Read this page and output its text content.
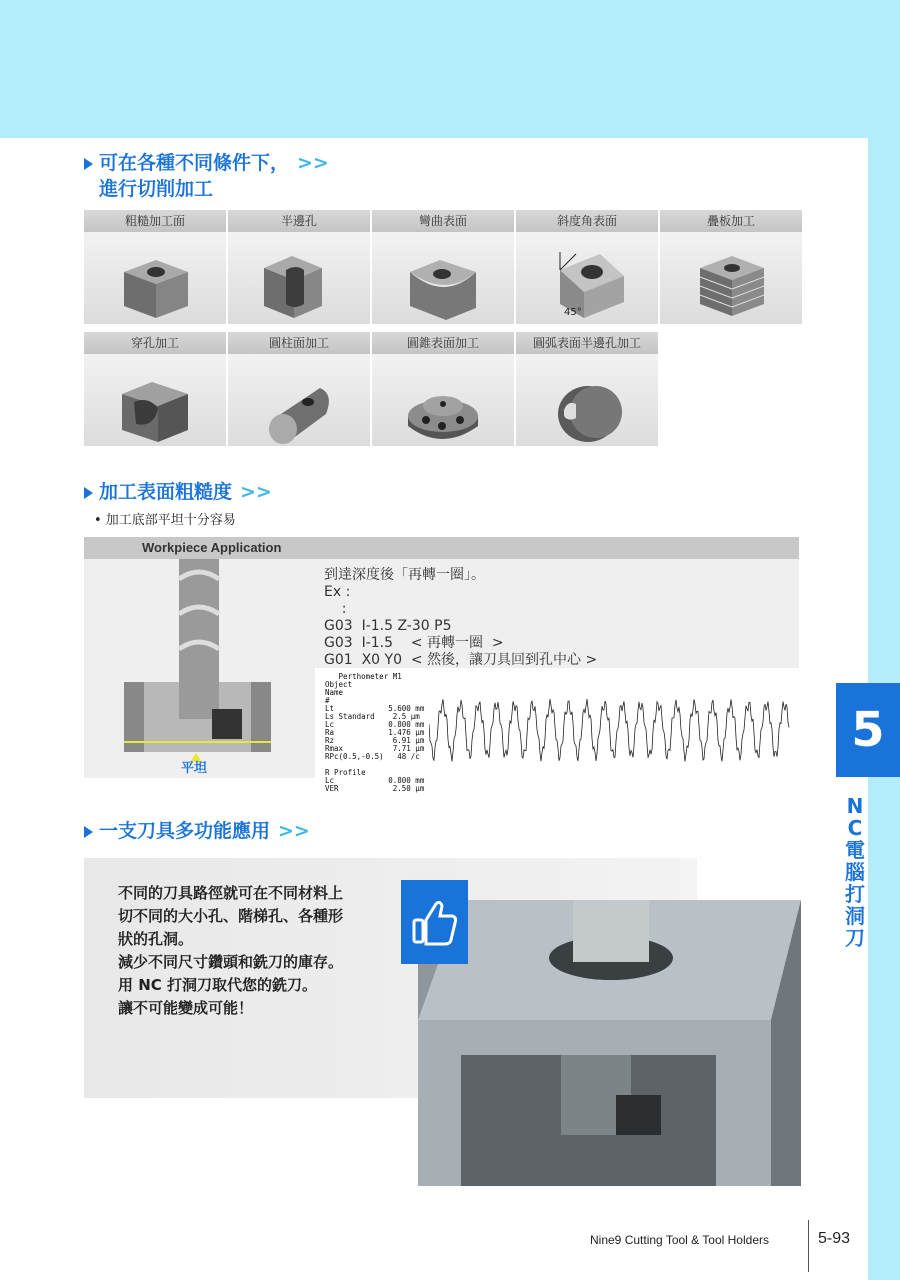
5
NC電腦打洞刀
可在各種不同條件下， >>
進行切削加工
粗糙加工面	半邊孔	彎曲表面	斜度角表面
45°
疊板加工
穿孔加工	圓柱面加工	圓錐表面加工	圓弧表面半邊孔加工
加工表面粗糙度 >>
• 加工底部平坦十分容易
Workpiece Application
平坦
到達深度後「再轉一圈」。
Ex :
:
G03  I-1.5 Z-30 P5
G03  I-1.5    < 再轉一圈  >
G01  X0 Y0  < 然後，讓刀具回到孔中心 >
Perthometer M1
Object
Name
#
Lt            5.600 mm
Ls Standard    2.5 µm
Lc            0.800 mm
Ra            1.476 µm
Rz             6.91 µm
Rmax           7.71 µm
RPc(0.5,-0.5)   48 /c

R Profile
Lc            0.800 mm
VER            2.50 µm
一支刀具多功能應用 >>
不同的刀具路徑就可在不同材料上
切不同的大小孔、階梯孔、各種形
狀的孔洞。
減少不同尺寸鑽頭和銑刀的庫存。
用 NC 打洞刀取代您的銑刀。
讓不可能變成可能！
Nine9 Cutting Tool & Tool Holders	5-93
